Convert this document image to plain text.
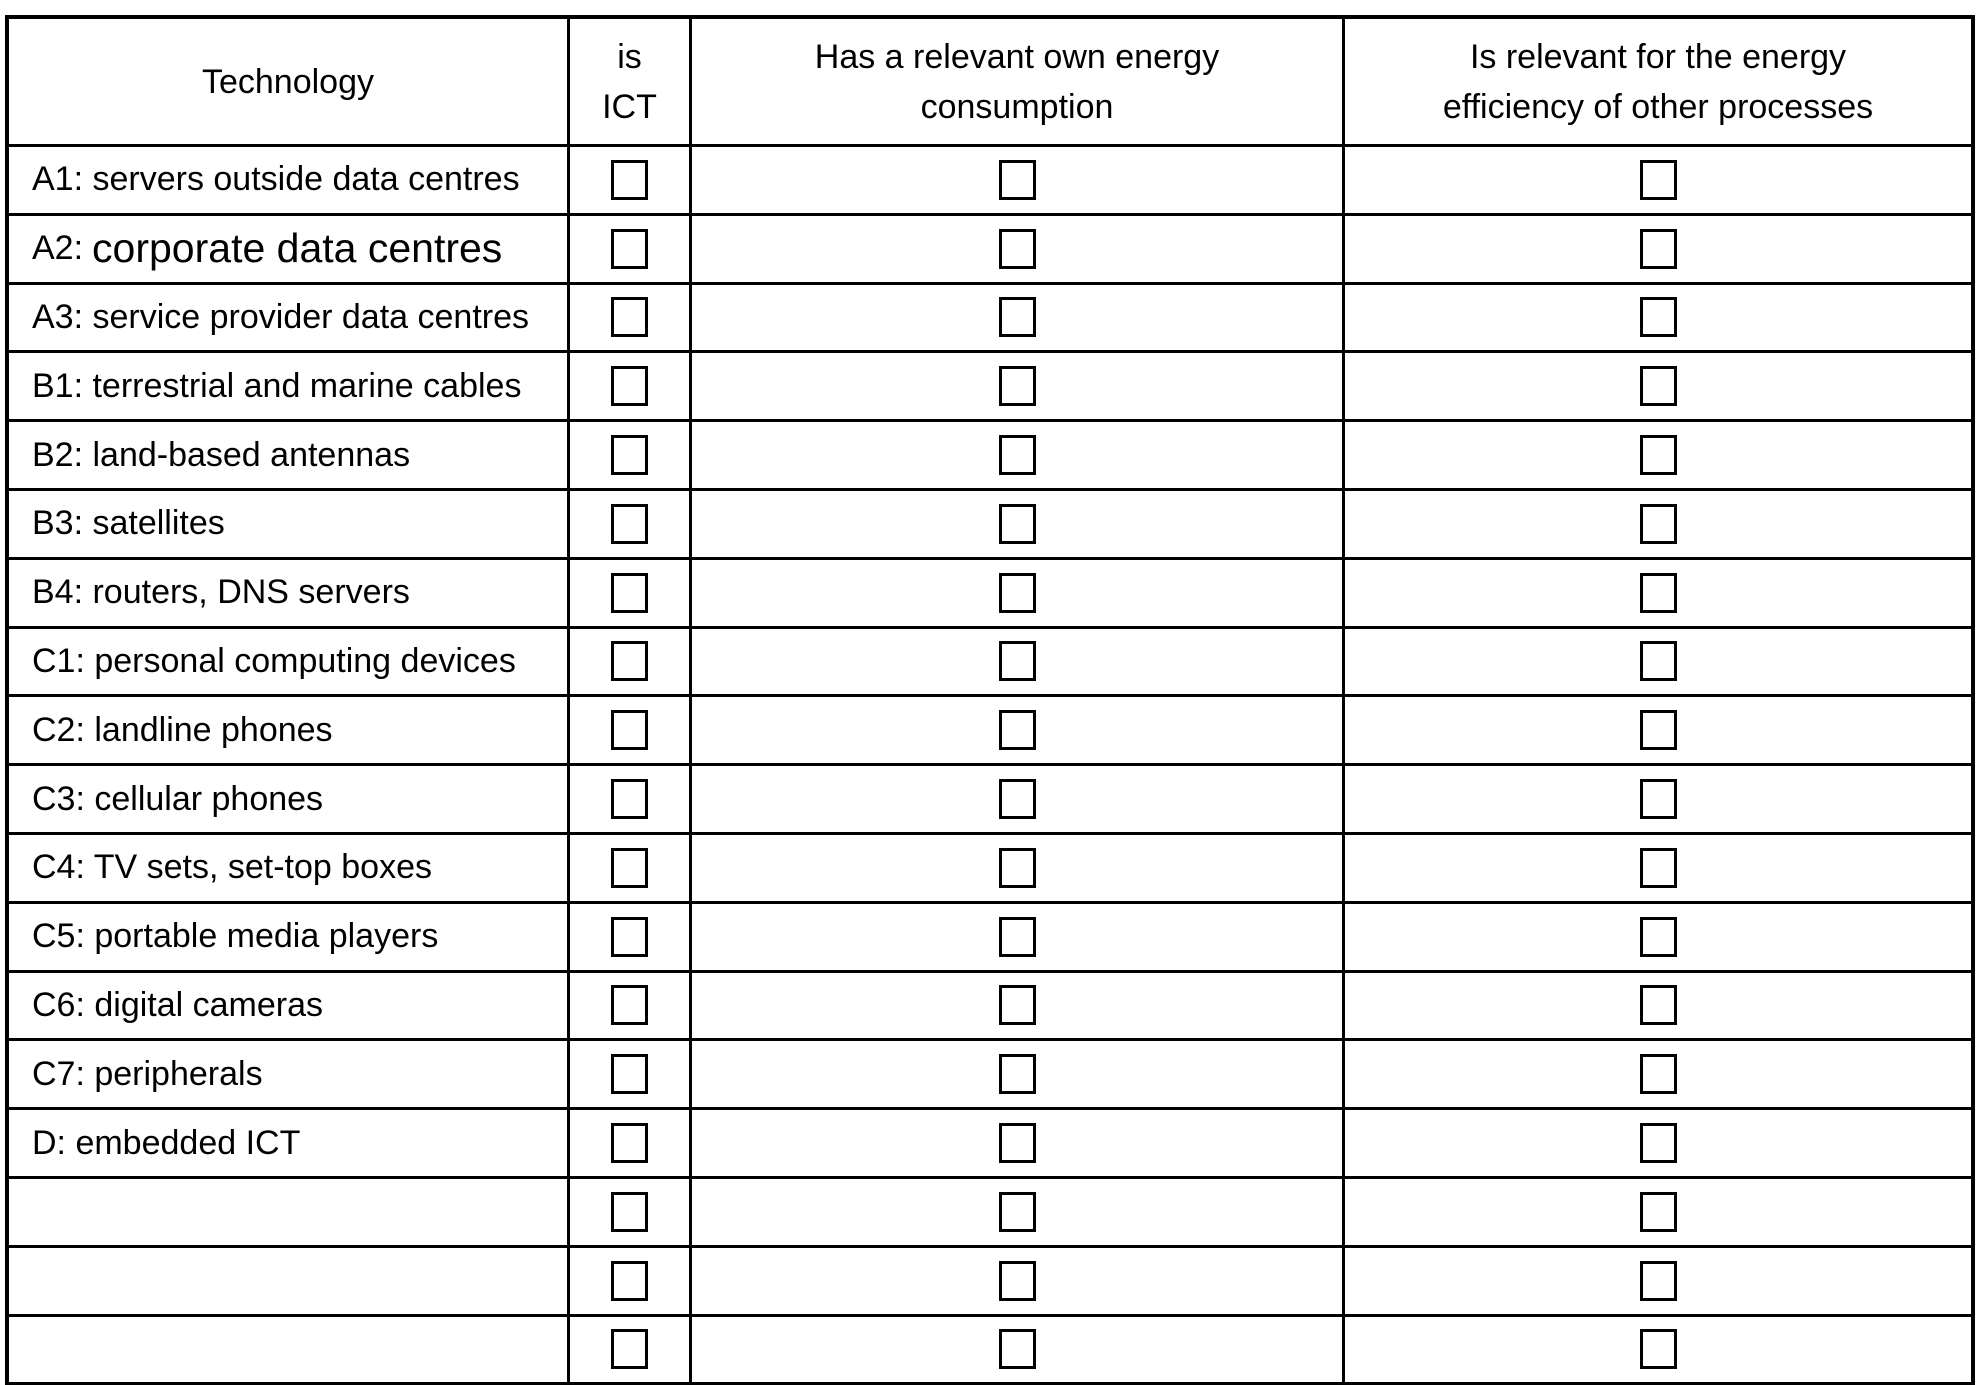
Technology
is
ICT
Has a relevant own energy
consumption
Is relevant for the energy
efficiency of other processes
A1: servers outside data centres
A2: corporate data centres
A3: service provider data centres
B1: terrestrial and marine cables
B2: land-based antennas
B3: satellites
B4: routers, DNS servers
C1: personal computing devices
C2: landline phones
C3: cellular phones
C4: TV sets, set-top boxes
C5: portable media players
C6: digital cameras
C7: peripherals
D: embedded ICT
